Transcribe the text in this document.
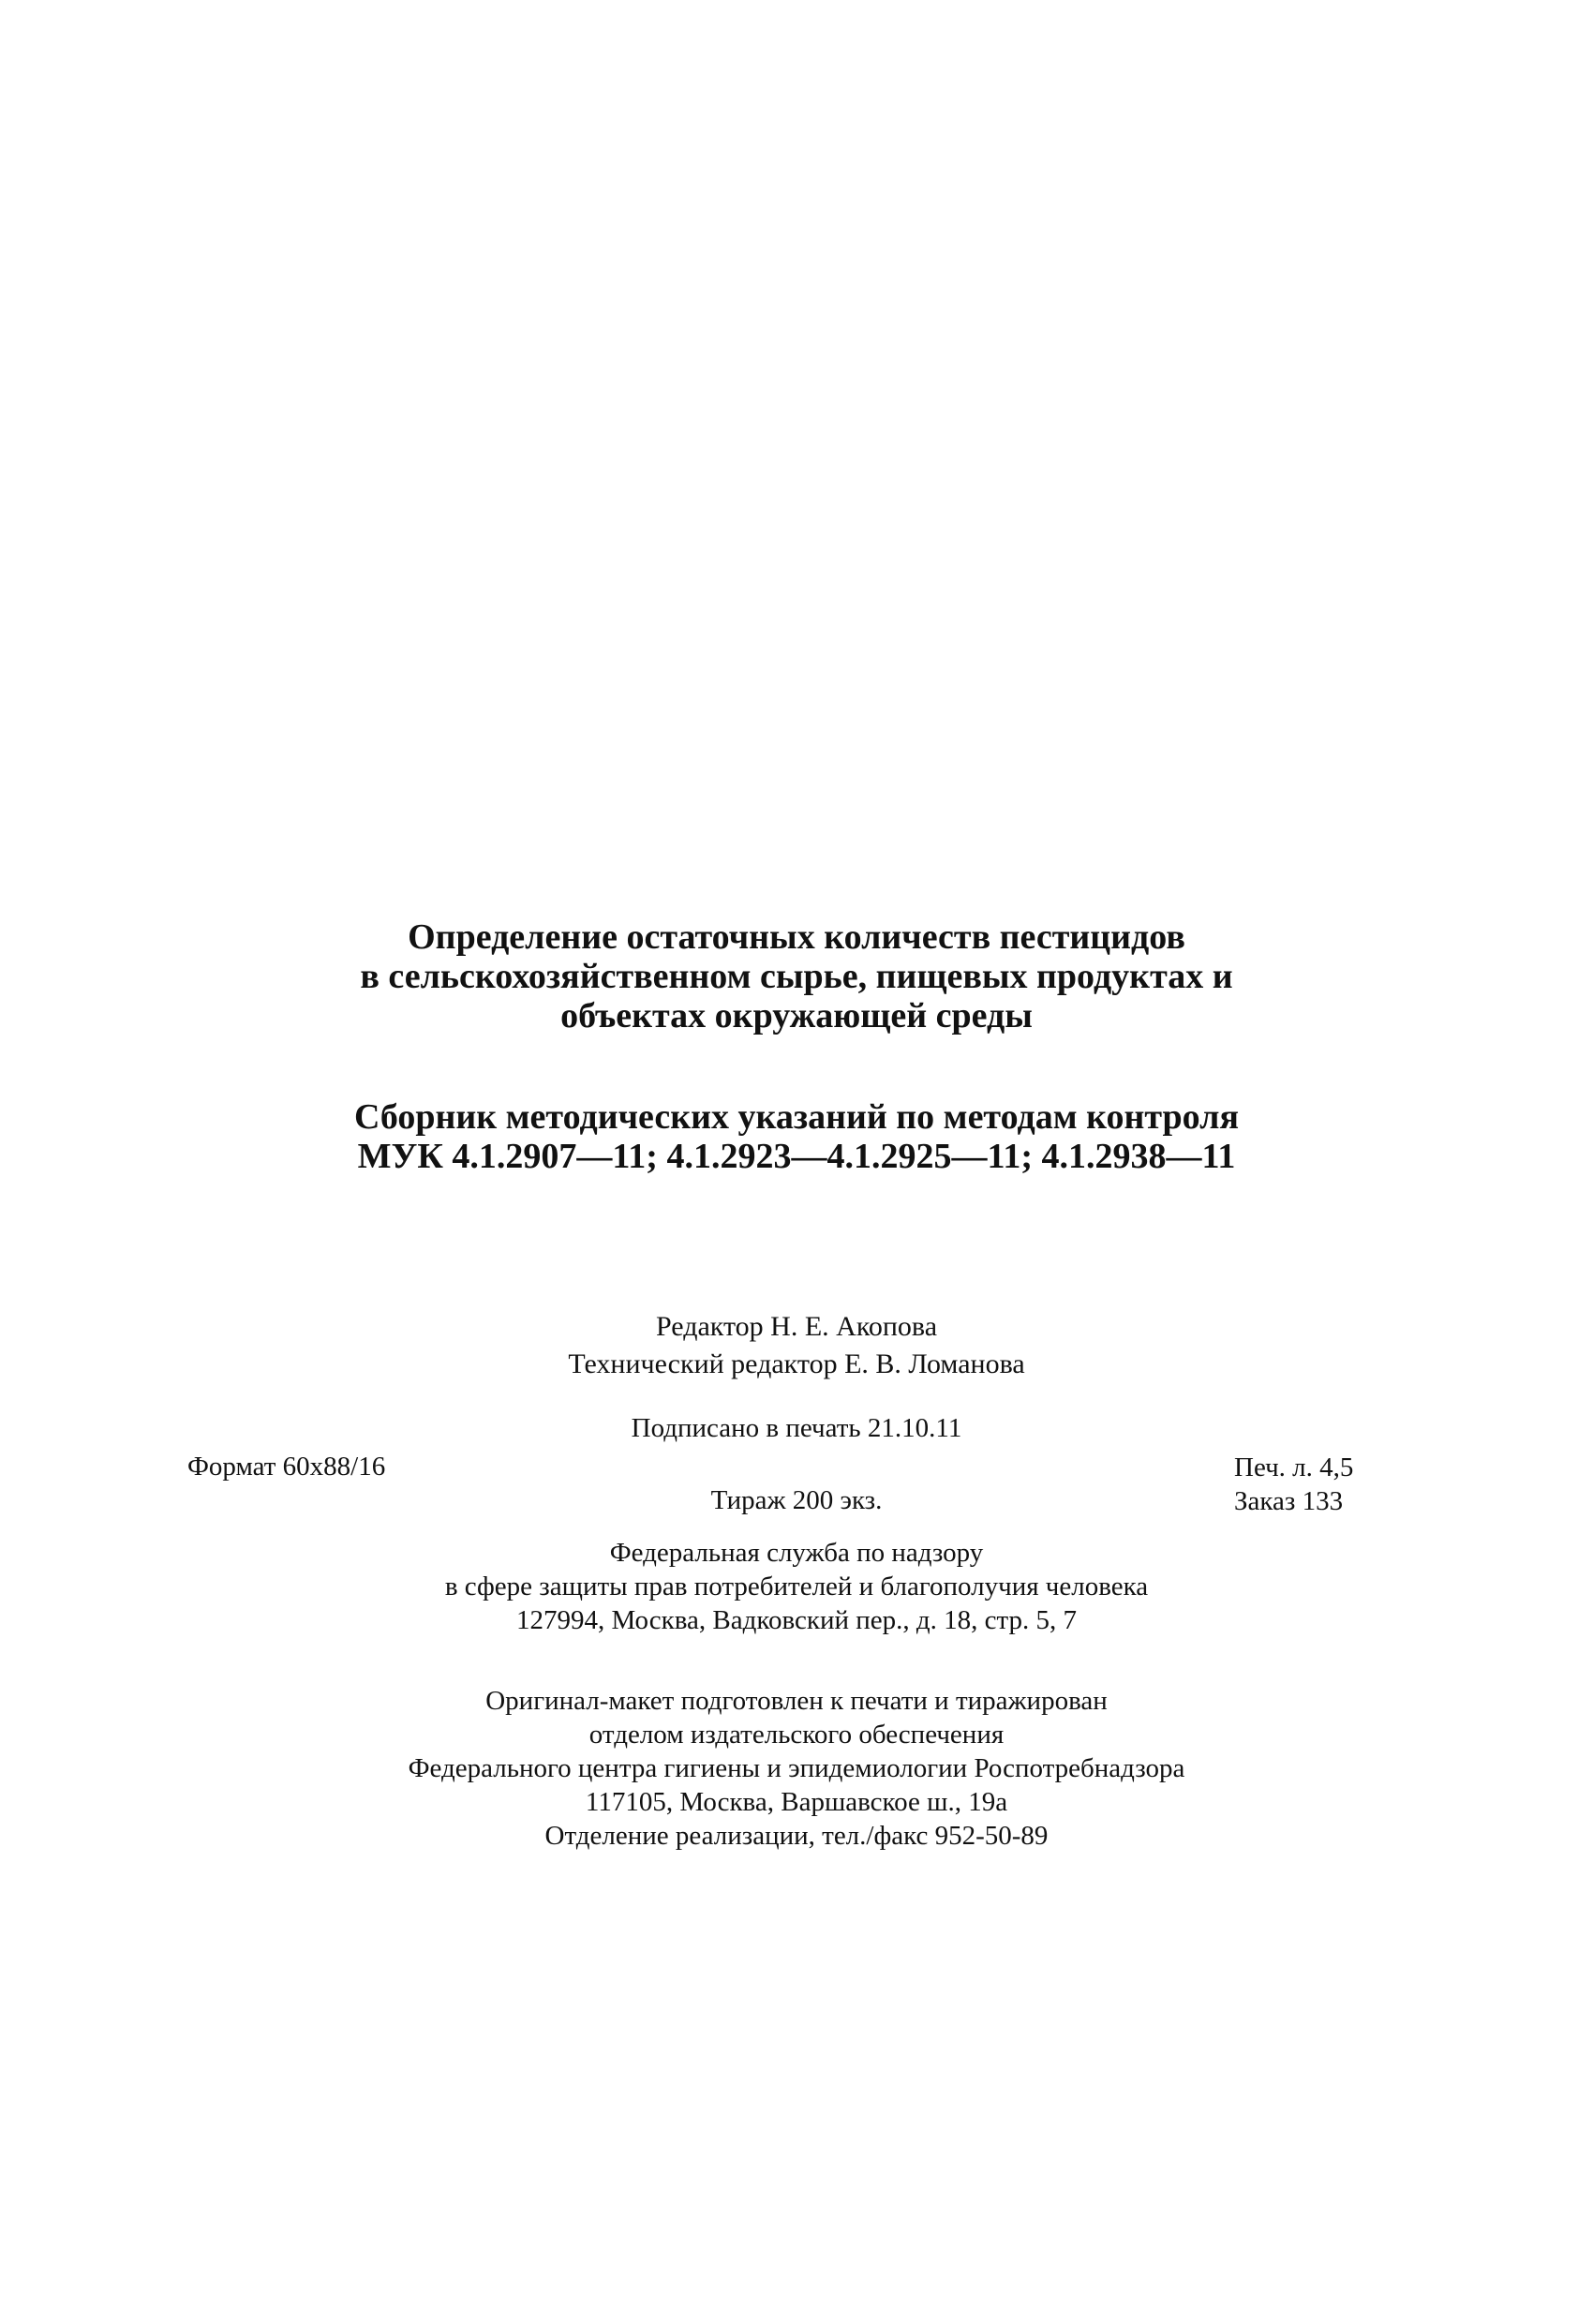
Определение остаточных количеств пестицидов
в сельскохозяйственном сырье, пищевых продуктах и
объектах окружающей среды
Сборник методических указаний по методам контроля
МУК 4.1.2907—11; 4.1.2923—4.1.2925—11; 4.1.2938—11
Редактор Н. Е. Акопова
Технический редактор Е. В. Ломанова
Подписано в печать 21.10.11
Формат 60x88/16	Печ. л. 4,5
Тираж 200 экз.	Заказ 133
Федеральная служба по надзору
в сфере защиты прав потребителей и благополучия человека
127994, Москва, Вадковский пер., д. 18, стр. 5, 7
Оригинал-макет подготовлен к печати и тиражирован
отделом издательского обеспечения
Федерального центра гигиены и эпидемиологии Роспотребнадзора
117105, Москва, Варшавское ш., 19а
Отделение реализации, тел./факс 952-50-89
